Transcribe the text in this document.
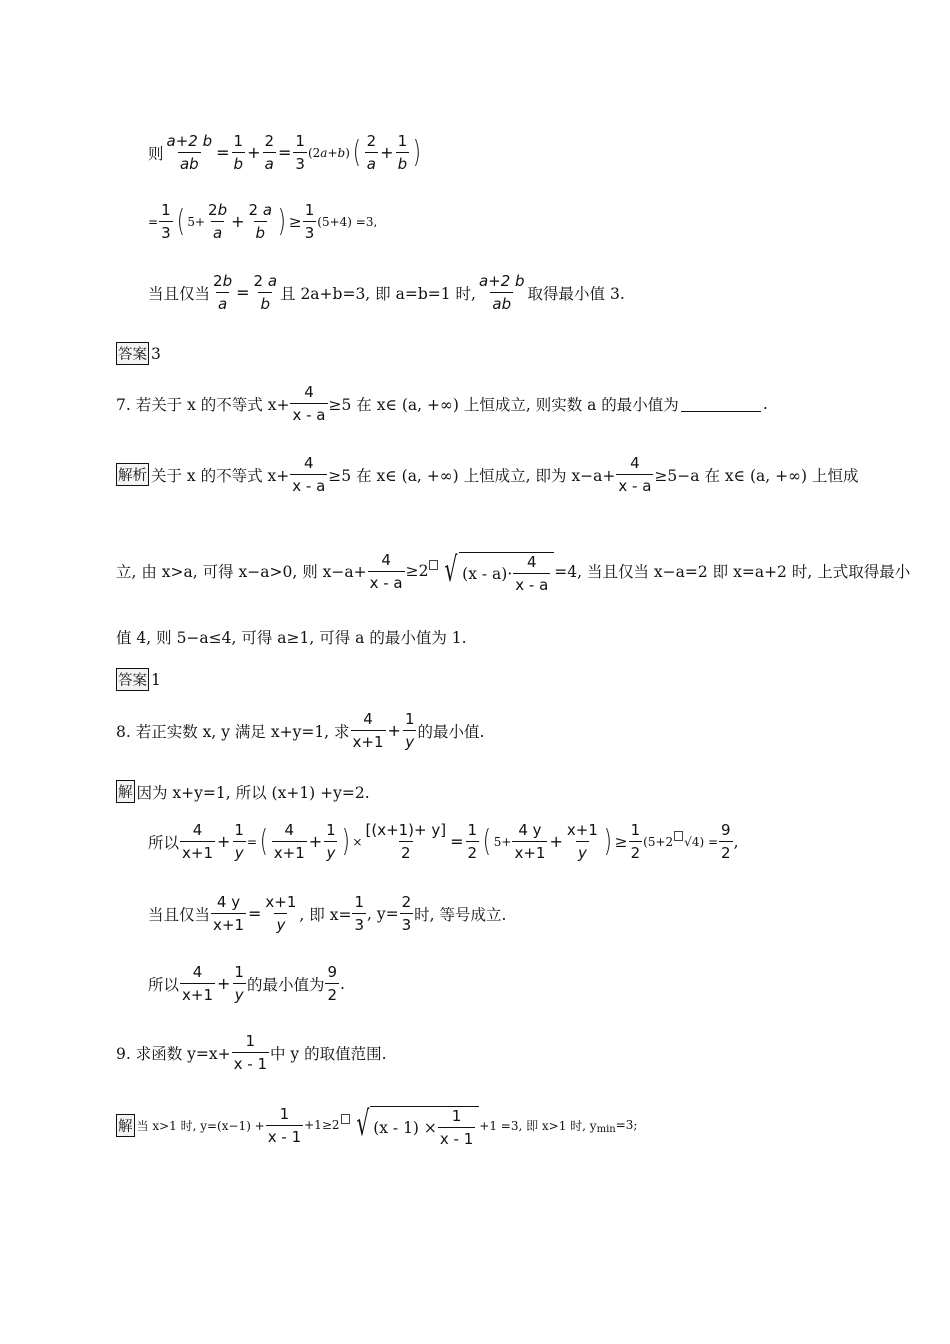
则 $\frac{a+2 b}{ab} = \frac{1}{b} + \frac{2}{a} = \frac{1}{3} (2a+b)$ ( $\frac{2}{a} + \frac{1}{b}$ )
= $\frac{1}{3}$ ( $5+ \frac{2b}{a} + \frac{2 a}{b}$ ) ≥ $\frac{1}{3} (5+4) =3$,
当且仅当 $\frac{2b}{a} = \frac{2 a}{b}$ 且 2a+b=3, 即 a=b=1 时, $\frac{a+2 b}{ab}$ 取得最小值 3.
答案 3
7. 若关于 x 的不等式 $x+ \frac{4}{x - a} \ge 5$ 在 x∈ (a, +∞) 上恒成立, 则实数 a 的最小值为	.
解析 关于 x 的不等式 $x+ \frac{4}{x - a} \ge 5$ 在 x∈ (a, +∞) 上恒成立, 即为 $x-a+ \frac{4}{x - a} \ge 5-a$ 在 x∈ (a, +∞) 上恒成
立, 由 x>a, 可得 x−a>0, 则 $x-a+ \frac{4}{x - a} \ge 2$ √ $(x - a)\cdot \frac{4}{x - a} =4$, 当且仅当 x−a=2 即 x=a+2 时, 上式取得最小
值 4, 则 5−a≤4, 可得 a≥1, 可得 a 的最小值为 1.
答案 1
8. 若正实数 x, y 满足 x+y=1, 求 $\frac{4}{x+1} + \frac{1}{y}$ 的最小值.
解 因为 x+y=1, 所以 (x+1) +y=2.
所以 $\frac{4}{x+1} + \frac{1}{y}$ = ( $\frac{4}{x+1} + \frac{1}{y}$ ) × $\frac{[(x+1)+ y]}{2} = \frac{1}{2}$ ( $5+ \frac{4 y}{x+1} + \frac{x+1}{y}$ ) ≥ $\frac{1}{2} (5+2$ √4 ) = $\frac{9}{2}$ ,
当且仅当 $\frac{4 y}{x+1} = \frac{x+1}{y}$ , 即 $x= \frac{1}{3}$ , $y= \frac{2}{3}$ 时, 等号成立.
所以 $\frac{4}{x+1} + \frac{1}{y}$ 的最小值为 $\frac{9}{2}$ .
9. 求函数 $y=x+ \frac{1}{x - 1}$ 中 y 的取值范围.
解 当 x>1 时, $y=(x-1) + \frac{1}{x - 1} +1\ge 2$ √ $(x - 1) \times \frac{1}{x - 1} +1 =3$, 即 x>1 时, y min =3;
